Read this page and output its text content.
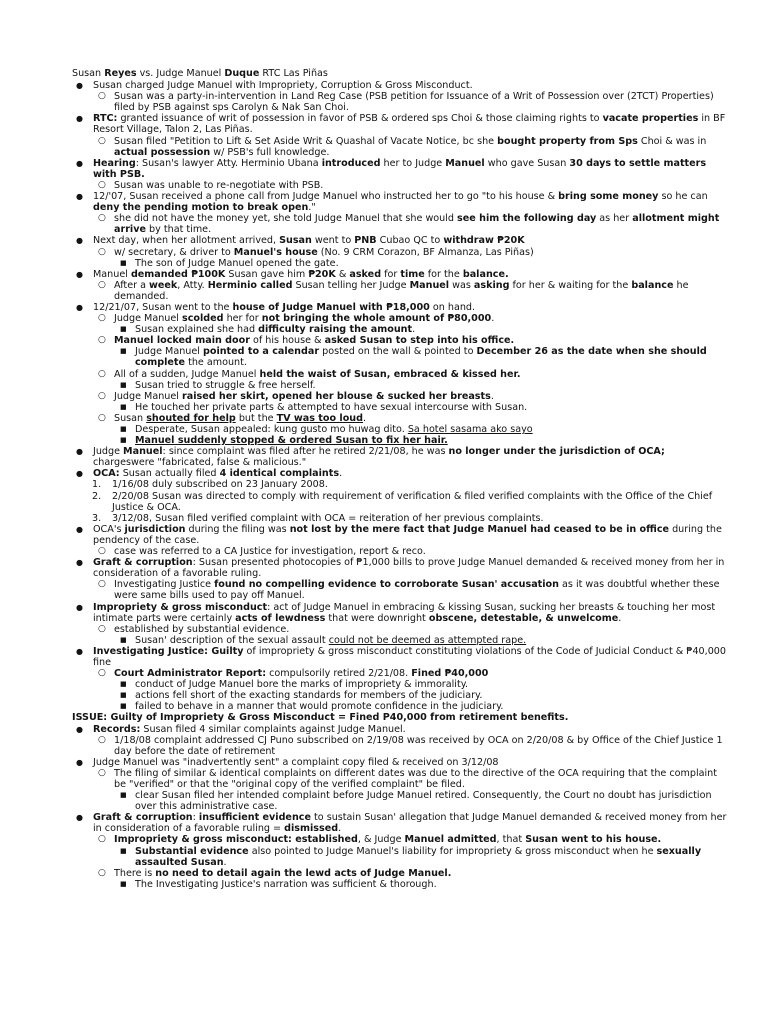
Susan Reyes vs. Judge Manuel Duque RTC Las Piñas
● Susan charged Judge Manuel with Impropriety, Corruption & Gross Misconduct.
○ Susan was a party-in-intervention in Land Reg Case (PSB petition for Issuance of a Writ of Possession over (2TCT) Properties) filed by PSB against sps Carolyn & Nak San Choi.
● RTC: granted issuance of writ of possession in favor of PSB & ordered sps Choi & those claiming rights to vacate properties in BF Resort Village, Talon 2, Las Piñas.
○ Susan filed "Petition to Lift & Set Aside Writ & Quashal of Vacate Notice, bc she bought property from Sps Choi & was in actual possession w/ PSB's full knowledge.
● Hearing: Susan's lawyer Atty. Herminio Ubana introduced her to Judge Manuel who gave Susan 30 days to settle matters with PSB.
○ Susan was unable to re-negotiate with PSB.
● 12/'07, Susan received a phone call from Judge Manuel who instructed her to go "to his house & bring some money so he can deny the pending motion to break open."
○ she did not have the money yet, she told Judge Manuel that she would see him the following day as her allotment might arrive by that time.
● Next day, when her allotment arrived, Susan went to PNB Cubao QC to withdraw ₱20K
○ w/ secretary, & driver to Manuel's house (No. 9 CRM Corazon, BF Almanza, Las Piñas)
■ The son of Judge Manuel opened the gate.
● Manuel demanded ₱100K Susan gave him ₱20K & asked for time for the balance.
○ After a week, Atty. Herminio called Susan telling her Judge Manuel was asking for her & waiting for the balance he demanded.
● 12/21/07, Susan went to the house of Judge Manuel with ₱18,000 on hand.
○ Judge Manuel scolded her for not bringing the whole amount of ₱80,000.
■ Susan explained she had difficulty raising the amount.
○ Manuel locked main door of his house & asked Susan to step into his office.
■ Judge Manuel pointed to a calendar posted on the wall & pointed to December 26 as the date when she should complete the amount.
○ All of a sudden, Judge Manuel held the waist of Susan, embraced & kissed her.
■ Susan tried to struggle & free herself.
○ Judge Manuel raised her skirt, opened her blouse & sucked her breasts.
■ He touched her private parts & attempted to have sexual intercourse with Susan.
○ Susan shouted for help but the TV was too loud.
■ Desperate, Susan appealed: kung gusto mo huwag dito. Sa hotel sasama ako sayo
■ Manuel suddenly stopped & ordered Susan to fix her hair.
● Judge Manuel: since complaint was filed after he retired 2/21/08, he was no longer under the jurisdiction of OCA; chargeswere "fabricated, false & malicious."
● OCA: Susan actually filed 4 identical complaints.
1. 1/16/08 duly subscribed on 23 January 2008.
2. 2/20/08 Susan was directed to comply with requirement of verification & filed verified complaints with the Office of the Chief Justice & OCA.
3. 3/12/08, Susan filed verified complaint with OCA = reiteration of her previous complaints.
● OCA's jurisdiction during the filing was not lost by the mere fact that Judge Manuel had ceased to be in office during the pendency of the case.
○ case was referred to a CA Justice for investigation, report & reco.
● Graft & corruption: Susan presented photocopies of ₱1,000 bills to prove Judge Manuel demanded & received money from her in consideration of a favorable ruling.
○ Investigating Justice found no compelling evidence to corroborate Susan' accusation as it was doubtful whether these were same bills used to pay off Manuel.
● Impropriety & gross misconduct: act of Judge Manuel in embracing & kissing Susan, sucking her breasts & touching her most intimate parts were certainly acts of lewdness that were downright obscene, detestable, & unwelcome.
○ established by substantial evidence.
■ Susan' description of the sexual assault could not be deemed as attempted rape.
● Investigating Justice: Guilty of impropriety & gross misconduct constituting violations of the Code of Judicial Conduct & ₱40,000 fine
○ Court Administrator Report: compulsorily retired 2/21/08. Fined ₱40,000
■ conduct of Judge Manuel bore the marks of impropriety & immorality.
■ actions fell short of the exacting standards for members of the judiciary.
■ failed to behave in a manner that would promote confidence in the judiciary.
ISSUE: Guilty of Impropriety & Gross Misconduct = Fined P40,000 from retirement benefits.
● Records: Susan filed 4 similar complaints against Judge Manuel.
○ 1/18/08 complaint addressed CJ Puno subscribed on 2/19/08 was received by OCA on 2/20/08 & by Office of the Chief Justice 1 day before the date of retirement
● Judge Manuel was "inadvertently sent" a complaint copy filed & received on 3/12/08
○ The filing of similar & identical complaints on different dates was due to the directive of the OCA requiring that the complaint be "verified" or that the "original copy of the verified complaint" be filed.
■ clear Susan filed her intended complaint before Judge Manuel retired. Consequently, the Court no doubt has jurisdiction over this administrative case.
● Graft & corruption: insufficient evidence to sustain Susan' allegation that Judge Manuel demanded & received money from her in consideration of a favorable ruling = dismissed.
○ Impropriety & gross misconduct: established, & Judge Manuel admitted, that Susan went to his house.
■ Substantial evidence also pointed to Judge Manuel's liability for impropriety & gross misconduct when he sexually assaulted Susan.
○ There is no need to detail again the lewd acts of Judge Manuel.
■ The Investigating Justice's narration was sufficient & thorough.
